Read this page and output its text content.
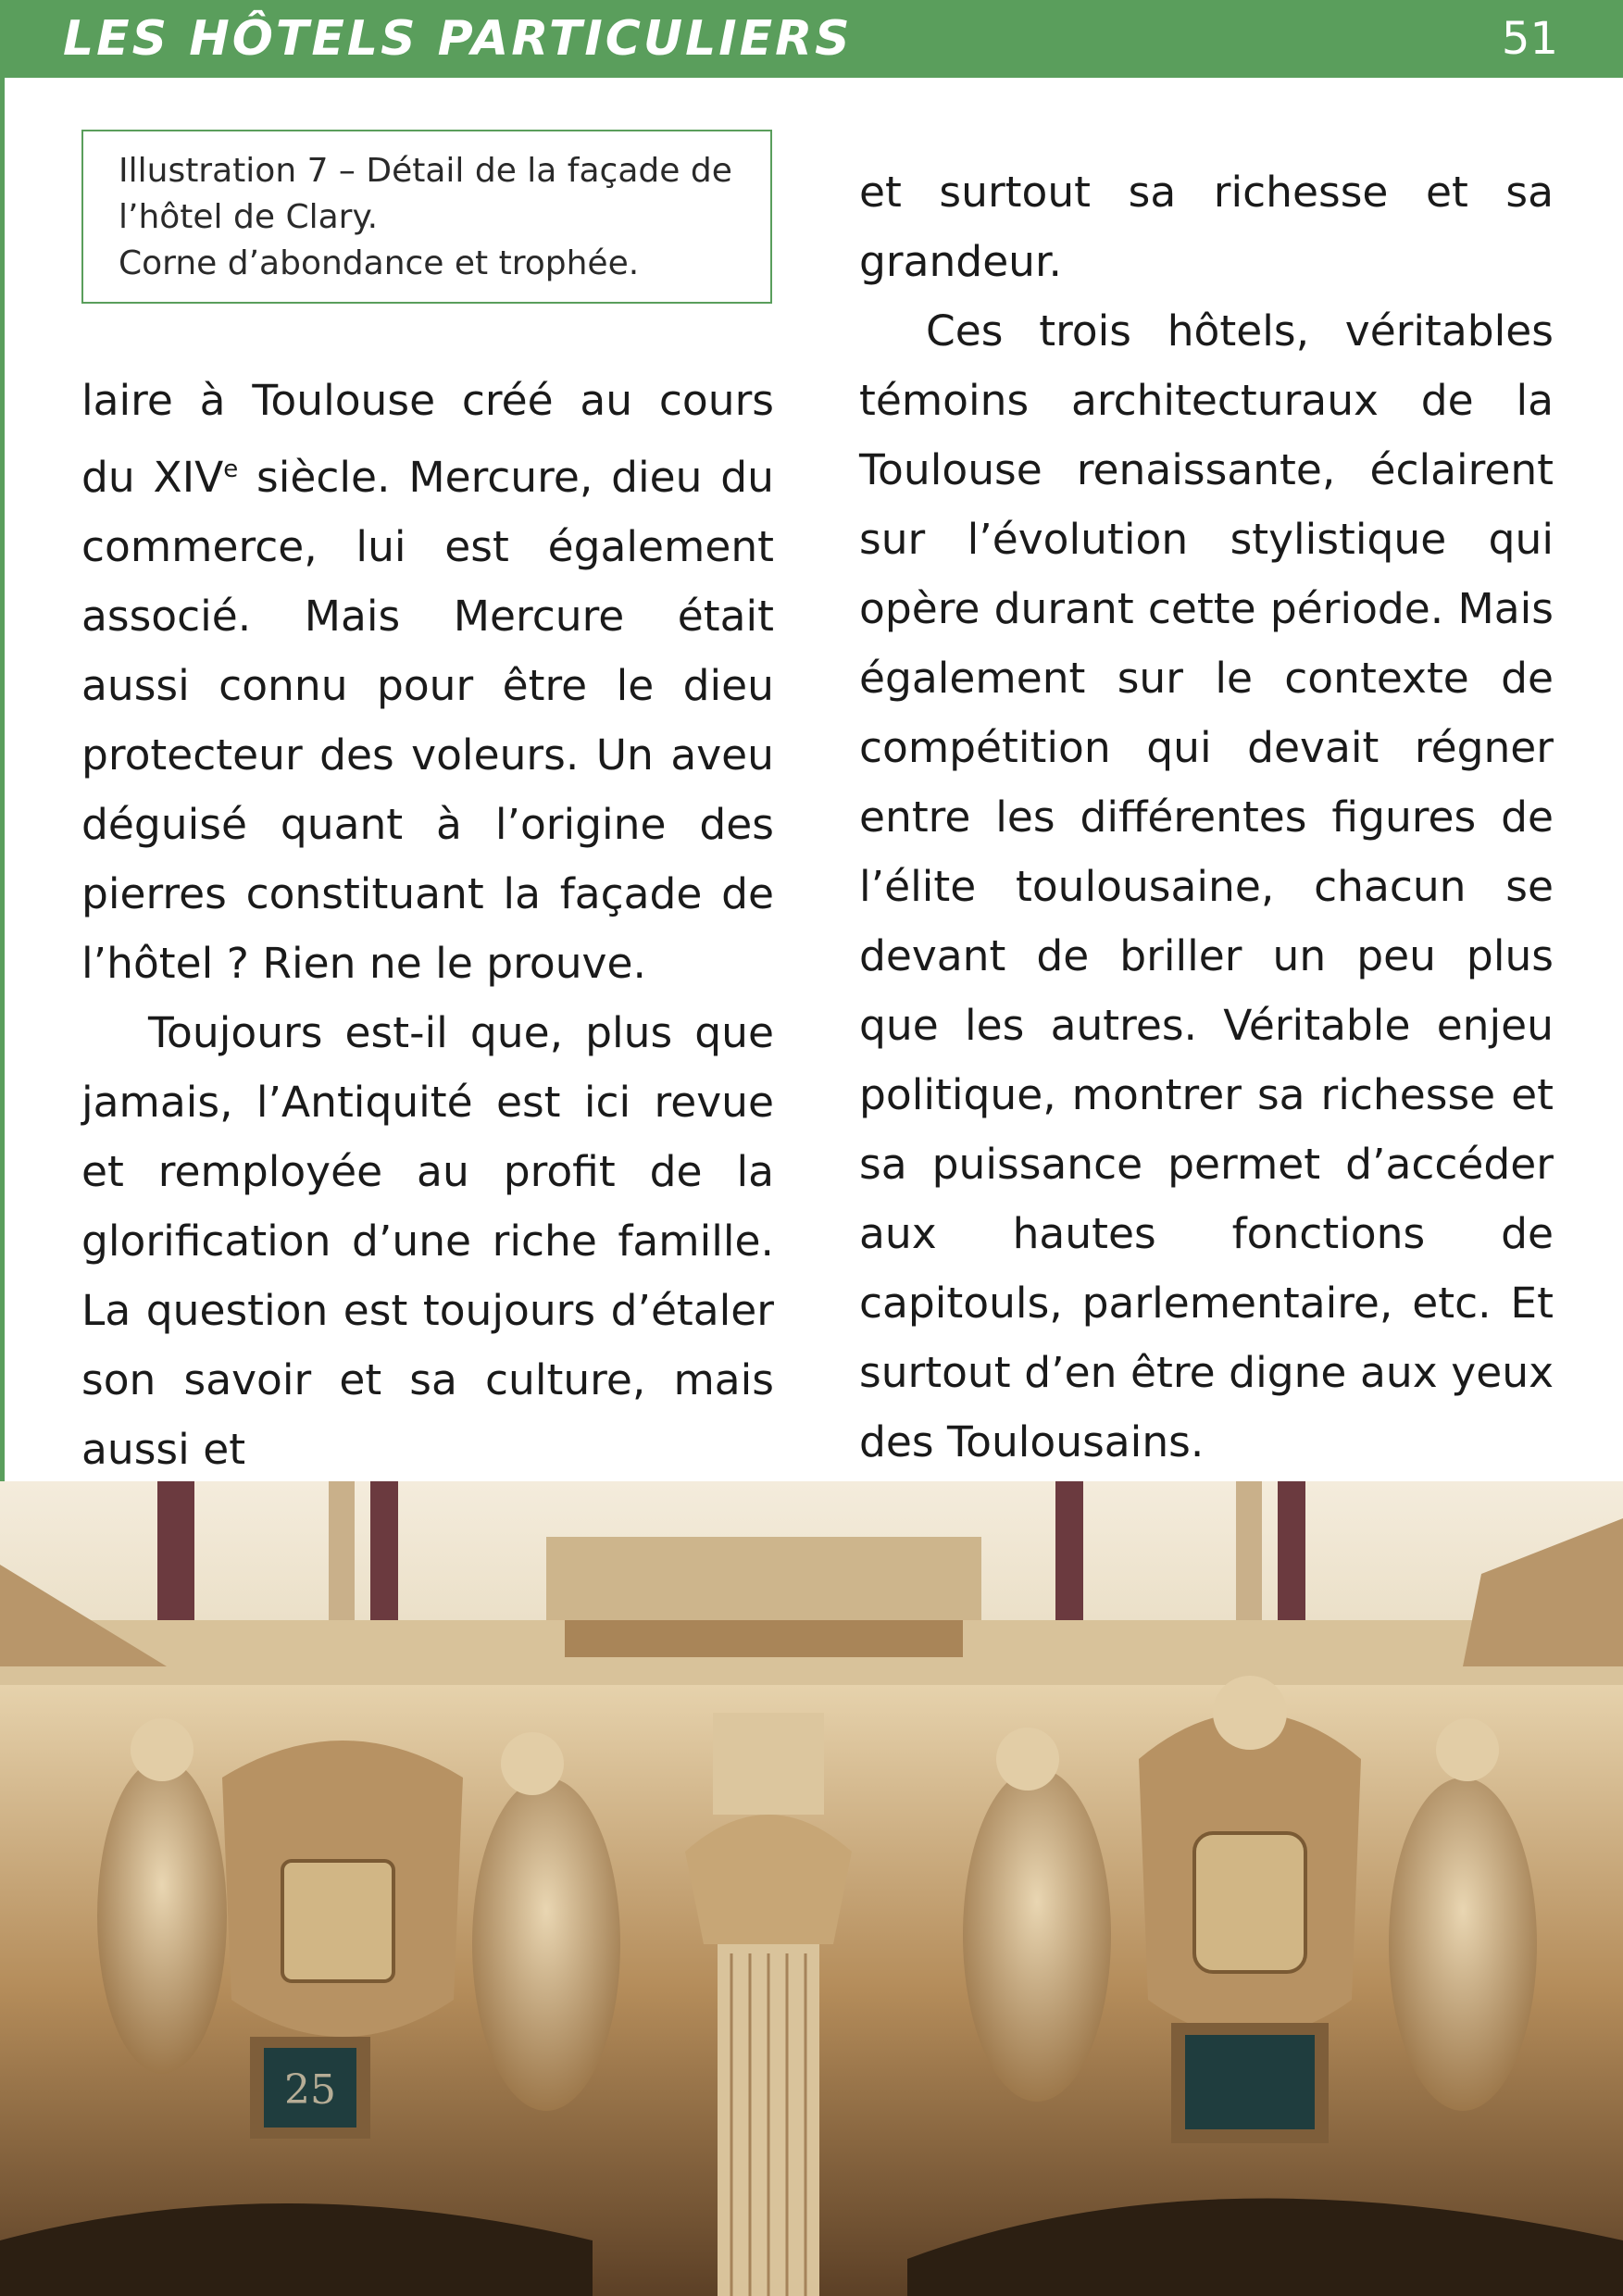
LES HÔTELS PARTICULIERS	51
Illustration 7 – Détail de la façade de
l’hôtel de Clary.
Corne d’abondance et trophée.

laire à Toulouse créé au cours du XIVe siècle. Mercure, dieu du commerce, lui est également associé. Mais Mercure était aussi connu pour être le dieu protecteur des voleurs. Un aveu déguisé quant à l’origine des pierres constituant la façade de l’hôtel ? Rien ne le prouve.

Toujours est-il que, plus que jamais, l’Antiquité est ici revue et remployée au profit de la glorification d’une riche famille. La question est toujours d’étaler son savoir et sa culture, mais aussi et

et surtout sa richesse et sa grandeur.

Ces trois hôtels, véritables témoins architecturaux de la Toulouse renaissante, éclairent sur l’évolution stylistique qui opère durant cette période. Mais également sur le contexte de compétition qui devait régner entre les différentes figures de l’élite toulousaine, chacun se devant de briller un peu plus que les autres. Véritable enjeu politique, montrer sa richesse et sa puissance permet d’accéder aux hautes fonctions de capitouls, parlementaire, etc. Et surtout d’en être digne aux yeux des Toulousains.

25
